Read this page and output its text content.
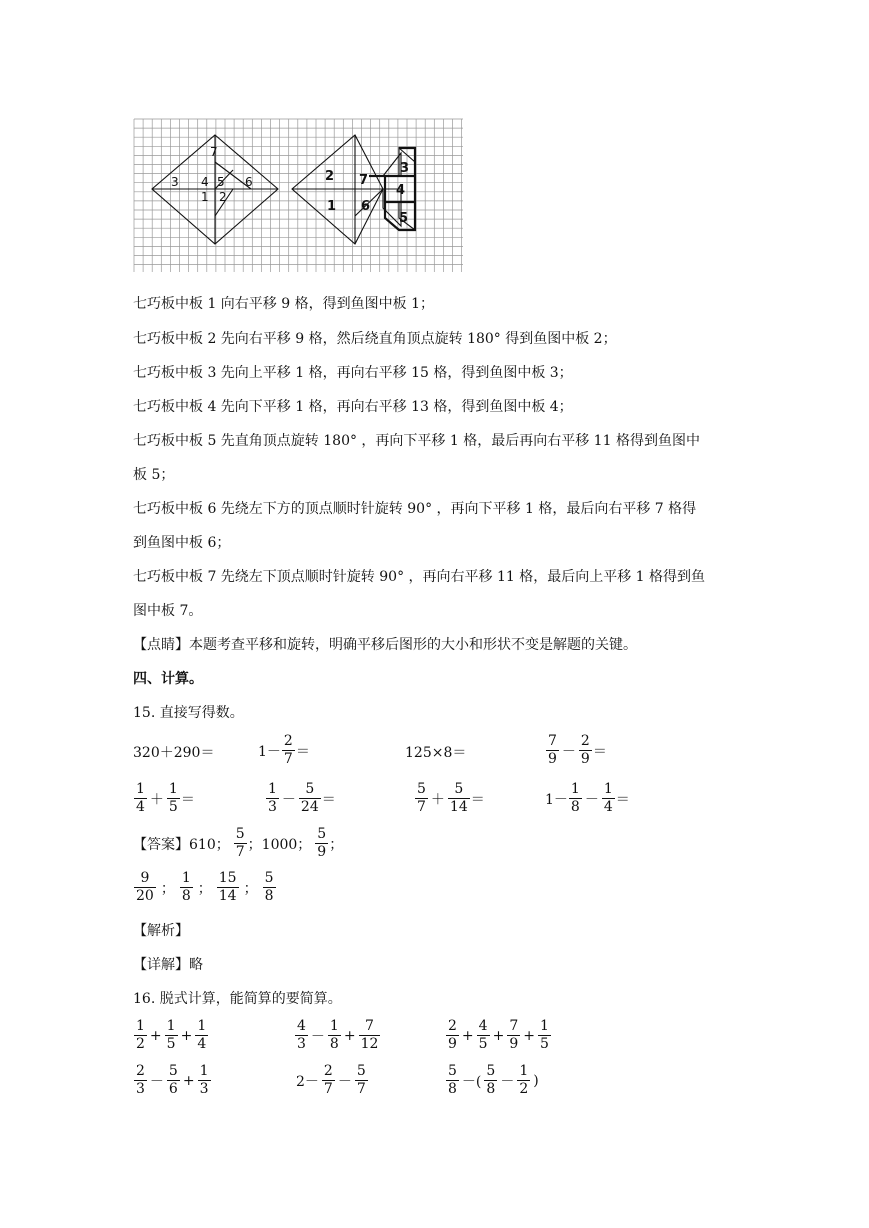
7
3 4 5 6
1 2
2 7
3
4
1 6
5
七巧板中板 1 向右平移 9 格，得到鱼图中板 1；
七巧板中板 2 先向右平移 9 格，然后绕直角顶点旋转 180° 得到鱼图中板 2；
七巧板中板 3 先向上平移 1 格，再向右平移 15 格，得到鱼图中板 3；
七巧板中板 4 先向下平移 1 格，再向右平移 13 格，得到鱼图中板 4；
七巧板中板 5 先直角顶点旋转 180° ，再向下平移 1 格，最后再向右平移 11 格得到鱼图中
板 5；
七巧板中板 6 先绕左下方的顶点顺时针旋转 90° ，再向下平移 1 格，最后向右平移 7 格得
到鱼图中板 6；
七巧板中板 7 先绕左下顶点顺时针旋转 90° ，再向右平移 11 格，最后向上平移 1 格得到鱼
图中板 7。
【点睛】本题考查平移和旋转，明确平移后图形的大小和形状不变是解题的关键。
四、计算。
15. 直接写得数。
320＋290＝	$1- \frac{2}{7}$ ＝	125×8＝	$\frac{7}{9} - \frac{2}{9}$ ＝
$\frac{1}{4} + \frac{1}{5}$ ＝	$\frac{1}{3} - \frac{5}{24}$ ＝	$\frac{5}{7} + \frac{5}{14}$ ＝	$1- \frac{1}{8} - \frac{1}{4}$ ＝
【答案】 610； $\frac{5}{7}$ ； 1000； $\frac{5}{9}$ ；
$\frac{9}{20}$ ； $\frac{1}{8}$ ； $\frac{15}{14}$ ； $\frac{5}{8}$
【解析】
【详解】略
16. 脱式计算，能简算的要简算。
$\frac{1}{2} + \frac{1}{5} + \frac{1}{4}$	$\frac{4}{3} - \frac{1}{8} + \frac{7}{12}$	$\frac{2}{9} + \frac{4}{5} + \frac{7}{9} + \frac{1}{5}$
$\frac{2}{3} - \frac{5}{6} + \frac{1}{3}$	$2- \frac{2}{7} - \frac{5}{7}$	$\frac{5}{8}$ －( $\frac{5}{8} - \frac{1}{2}$ )
